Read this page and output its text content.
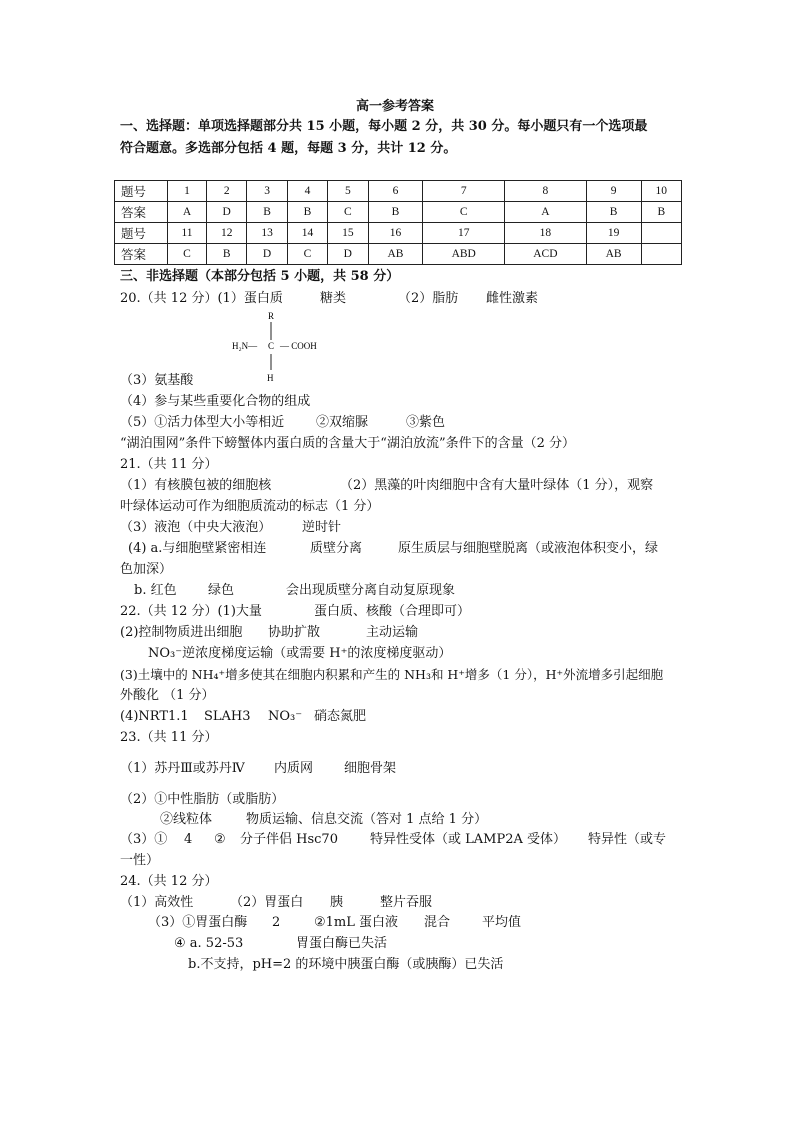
高一参考答案
一、选择题：单项选择题部分共 15 小题，每小题 2 分，共 30 分。每小题只有一个选项最
符合题意。多选部分包括 4 题，每题 3 分，共计 12 分。
题号	1	2	3	4	5	6	7	8	9	10
答案	A	D	B	B	C	B	C	A	B	B
题号	11	12	13	14	15	16	17	18	19	
答案	C	B	D	C	D	AB	ABD	ACD	AB	
三、非选择题（本部分包括 5 小题，共 58 分）
20.（共 12 分）(1）蛋白质	糖类	（2）脂肪 雌性激素
R
H₂N— C — COOH
H
（3）氨基酸
（4）参与某些重要化合物的组成
（5）①活力体型大小等相近 ②双缩脲	③紫色
“湖泊围网”条件下螃蟹体内蛋白质的含量大于“湖泊放流”条件下的含量（2 分）
21.（共 11 分）
（1）有核膜包被的细胞核	（2）黑藻的叶肉细胞中含有大量叶绿体（1 分），观察
叶绿体运动可作为细胞质流动的标志（1 分）
（3）液泡（中央大液泡） 逆时针
(4) a.与细胞壁紧密相连	质壁分离	原生质层与细胞壁脱离（或液泡体积变小，绿
色加深）
b. 红色 绿色	会出现质壁分离自动复原现象
22.（共 12 分）(1)大量	蛋白质、核酸（合理即可）
(2)控制物质进出细胞 协助扩散	主动运输
NO₃⁻逆浓度梯度运输（或需要 H⁺的浓度梯度驱动）
(3)土壤中的 NH₄⁺增多使其在细胞内积累和产生的 NH₃和 H⁺增多（1 分），H⁺外流增多引起细胞
外酸化 （1 分）
(4)NRT1.1 SLAH3 NO₃⁻ 硝态氮肥
23.（共 11 分）
（1）苏丹Ⅲ或苏丹Ⅳ 内质网 细胞骨架
（2）①中性脂肪（或脂肪）
②线粒体	物质运输、信息交流（答对 1 点给 1 分）
（3）① 4 ② 分子伴侣 Hsc70 特异性受体（或 LAMP2A 受体） 特异性（或专
一性）
24.（共 12 分）
（1）高效性	（2）胃蛋白 胰	整片吞服
（3）①胃蛋白酶 2	②1mL 蛋白液 混合 平均值
④ a. 52-53	胃蛋白酶已失活
b.不支持，pH=2 的环境中胰蛋白酶（或胰酶）已失活
